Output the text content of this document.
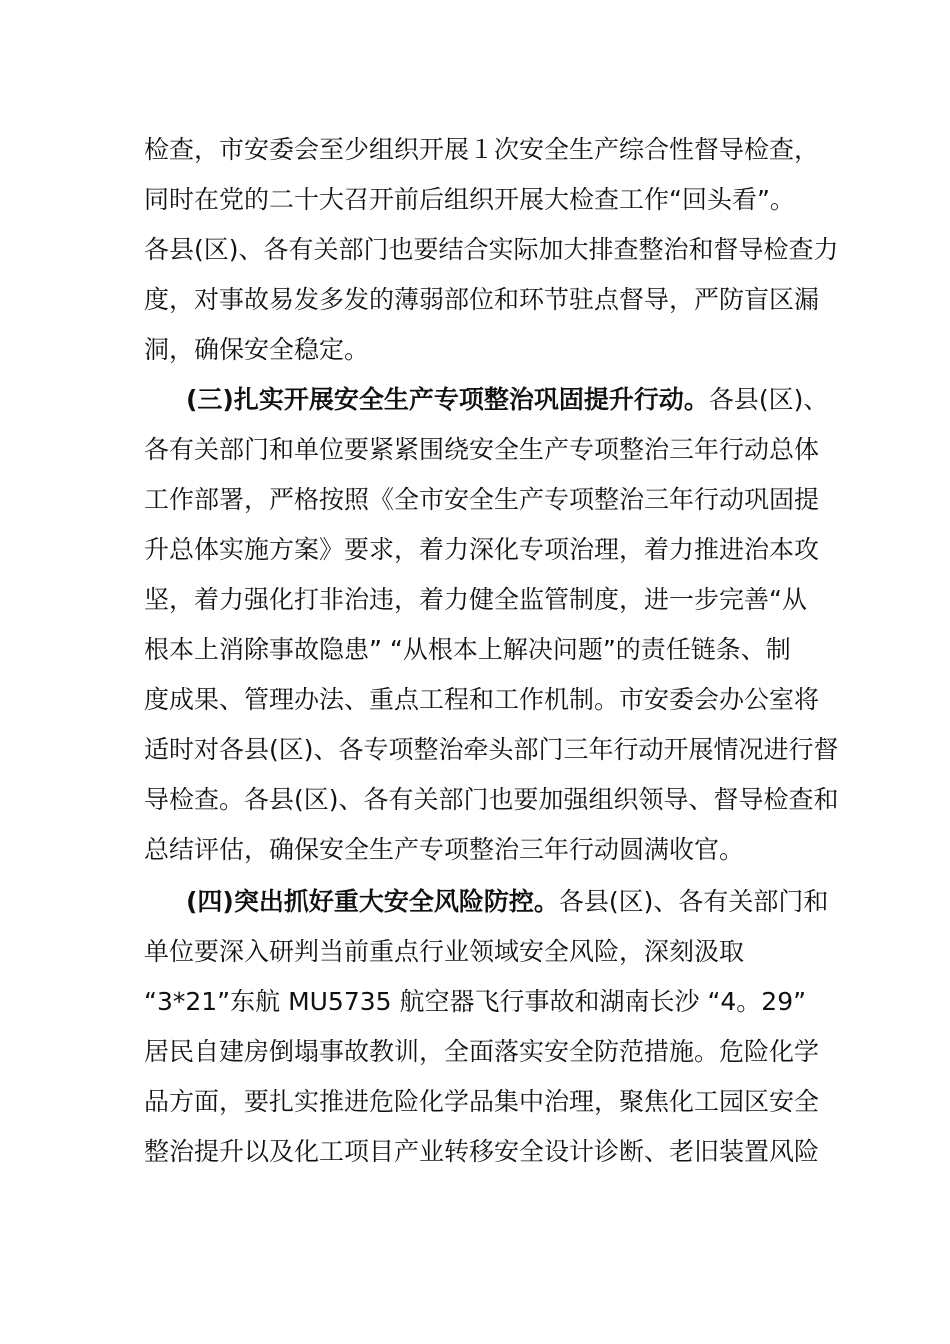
检查，市安委会至少组织开展１次安全生产综合性督导检查，
同时在党的二十大召开前后组织开展大检查工作“回头看”。
各县(区)、各有关部门也要结合实际加大排查整治和督导检查力
度，对事故易发多发的薄弱部位和环节驻点督导，严防盲区漏
洞，确保安全稳定。
(三)扎实开展安全生产专项整治巩固提升行动。各县(区)、
各有关部门和单位要紧紧围绕安全生产专项整治三年行动总体
工作部署，严格按照《全市安全生产专项整治三年行动巩固提
升总体实施方案》要求，着力深化专项治理，着力推进治本攻
坚，着力强化打非治违，着力健全监管制度，进一步完善“从
根本上消除事故隐患” “从根本上解决问题”的责任链条、制
度成果、管理办法、重点工程和工作机制。市安委会办公室将
适时对各县(区)、各专项整治牵头部门三年行动开展情况进行督
导检查。各县(区)、各有关部门也要加强组织领导、督导检查和
总结评估，确保安全生产专项整治三年行动圆满收官。
(四)突出抓好重大安全风险防控。各县(区)、各有关部门和
单位要深入研判当前重点行业领域安全风险，深刻汲取
“3*21”东航 MU5735 航空器飞行事故和湖南长沙 “4。29”
居民自建房倒塌事故教训，全面落实安全防范措施。危险化学
品方面，要扎实推进危险化学品集中治理，聚焦化工园区安全
整治提升以及化工项目产业转移安全设计诊断、老旧装置风险
